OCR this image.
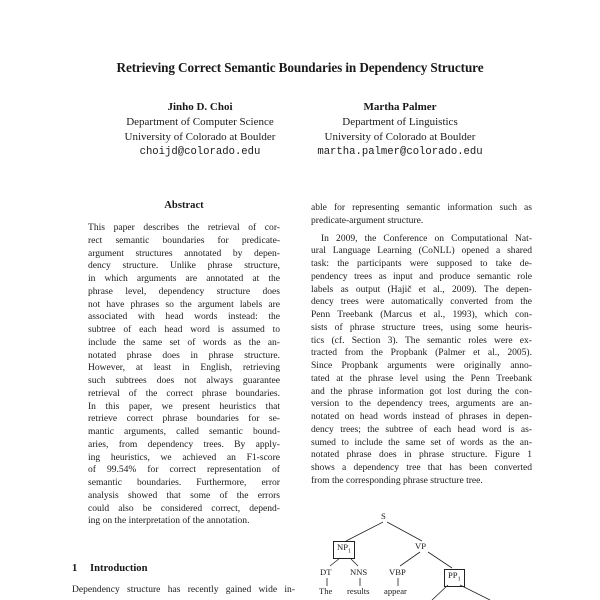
Retrieving Correct Semantic Boundaries in Dependency Structure
Jinho D. Choi
Department of Computer Science
University of Colorado at Boulder
choijd@colorado.edu
Martha Palmer
Department of Linguistics
University of Colorado at Boulder
martha.palmer@colorado.edu
Abstract
This paper describes the retrieval of cor-
rect semantic boundaries for predicate-
argument structures annotated by depen-
dency structure. Unlike phrase structure,
in which arguments are annotated at the
phrase level, dependency structure does
not have phrases so the argument labels are
associated with head words instead: the
subtree of each head word is assumed to
include the same set of words as the an-
notated phrase does in phrase structure.
However, at least in English, retrieving
such subtrees does not always guarantee
retrieval of the correct phrase boundaries.
In this paper, we present heuristics that
retrieve correct phrase boundaries for se-
mantic arguments, called semantic bound-
aries, from dependency trees. By apply-
ing heuristics, we achieved an F1-score
of 99.54% for correct representation of
semantic boundaries. Furthermore, error
analysis showed that some of the errors
could also be considered correct, depend-
ing on the interpretation of the annotation.
1 Introduction
Dependency structure has recently gained wide in-
able for representing semantic information such as
predicate-argument structure.
In 2009, the Conference on Computational Nat-
ural Language Learning (CoNLL) opened a shared
task: the participants were supposed to take de-
pendency trees as input and produce semantic role
labels as output (Hajič et al., 2009). The depen-
dency trees were automatically converted from the
Penn Treebank (Marcus et al., 1993), which con-
sists of phrase structure trees, using some heuris-
tics (cf. Section 3). The semantic roles were ex-
tracted from the Propbank (Palmer et al., 2005).
Since Propbank arguments were originally anno-
tated at the phrase level using the Penn Treebank
and the phrase information got lost during the con-
version to the dependency trees, arguments are an-
notated on head words instead of phrases in depen-
dency trees; the subtree of each head word is as-
sumed to include the same set of words as the an-
notated phrase does in phrase structure. Figure 1
shows a dependency tree that has been converted
from the corresponding phrase structure tree.
S
$NP_1$
VP
DT NNS	VBP	$PP_1$
The results appear
